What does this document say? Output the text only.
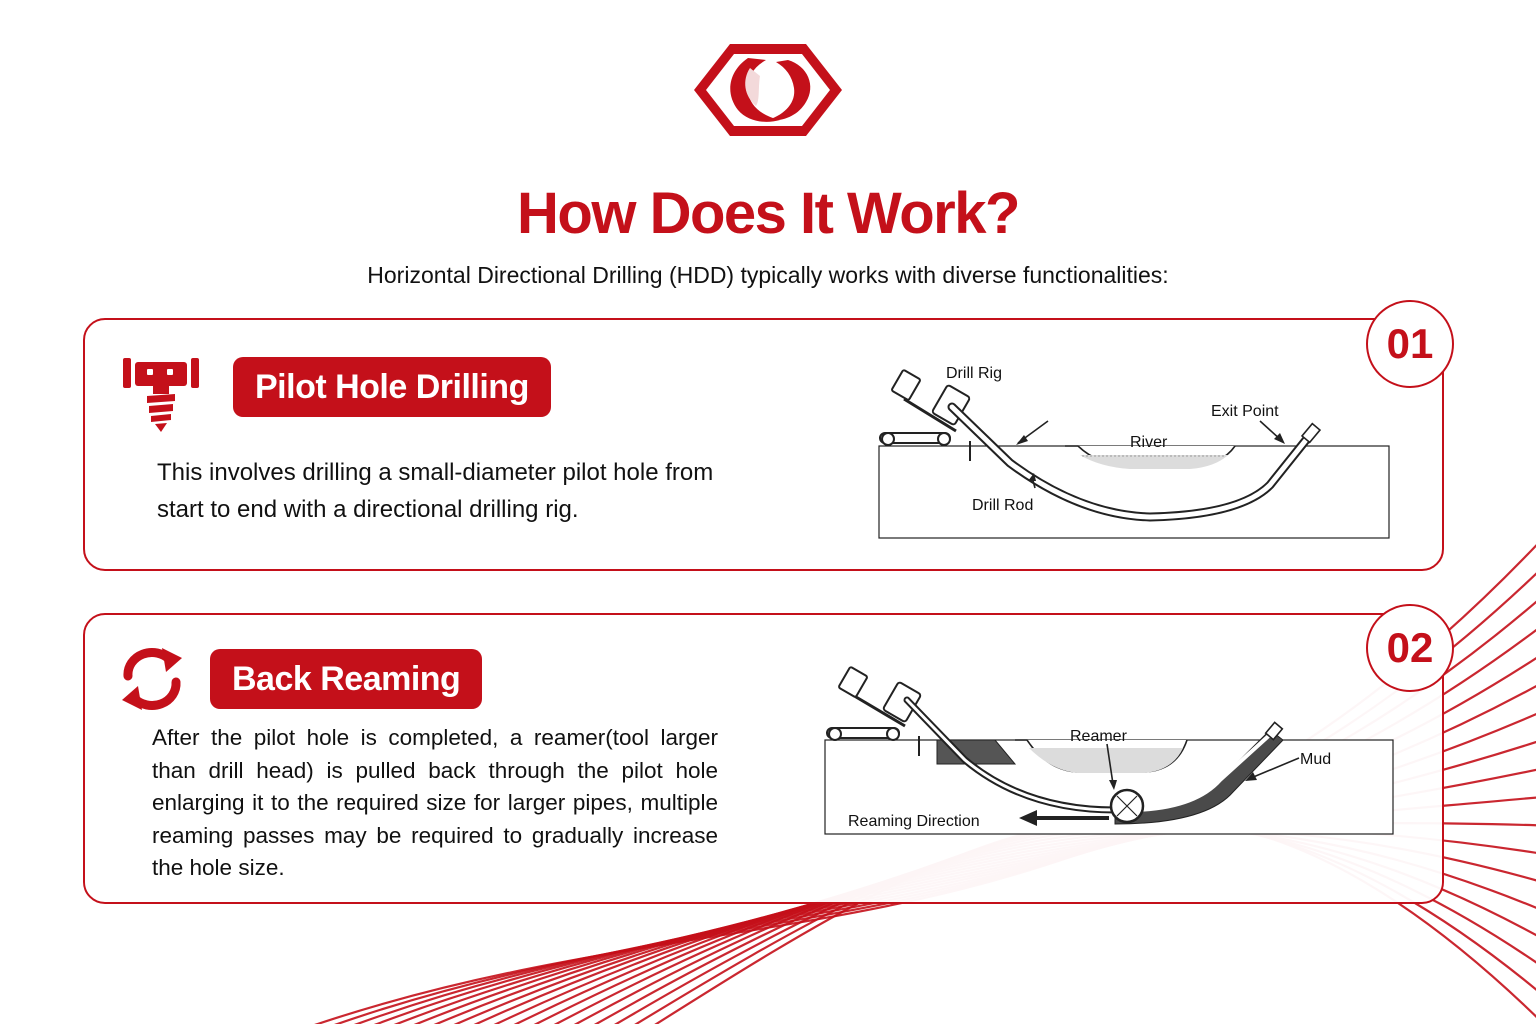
How Does It Work?
Horizontal Directional Drilling (HDD) typically works with diverse functionalities:
01
Pilot Hole Drilling
This involves drilling a small-diameter pilot hole from start to end with a directional drilling rig.
Drill Rig
Exit Point
River
Drill Rod
02
Back Reaming
After the pilot hole is completed, a reamer(tool larger than drill head) is pulled back through the pilot hole enlarging it to the required size for larger pipes, multiple reaming passes may be required to gradually increase the hole size.
Reamer
Mud
Reaming Direction
